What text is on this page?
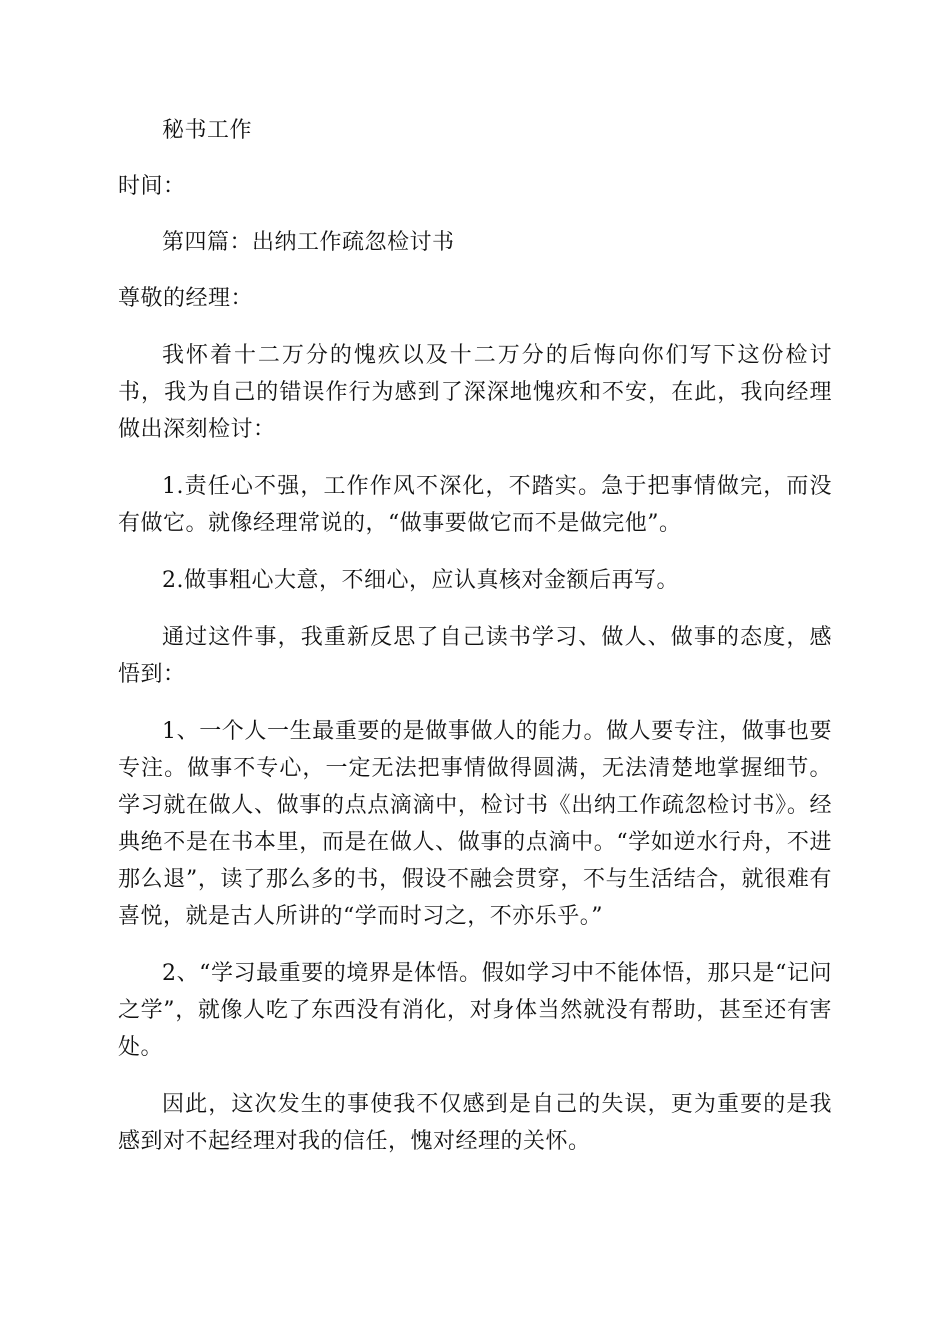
秘书工作

时间：

第四篇：出纳工作疏忽检讨书

尊敬的经理：

我怀着十二万分的愧疚以及十二万分的后悔向你们写下这份检讨书，我为自己的错误作行为感到了深深地愧疚和不安，在此，我向经理做出深刻检讨：

1.责任心不强，工作作风不深化，不踏实。急于把事情做完，而没有做它。就像经理常说的，“做事要做它而不是做完他”。

2.做事粗心大意，不细心，应认真核对金额后再写。

通过这件事，我重新反思了自己读书学习、做人、做事的态度，感悟到：

1、一个人一生最重要的是做事做人的能力。做人要专注，做事也要专注。做事不专心，一定无法把事情做得圆满，无法清楚地掌握细节。学习就在做人、做事的点点滴滴中，检讨书《出纳工作疏忽检讨书》。经典绝不是在书本里，而是在做人、做事的点滴中。“学如逆水行舟，不进那么退”，读了那么多的书，假设不融会贯穿，不与生活结合，就很难有喜悦，就是古人所讲的“学而时习之，不亦乐乎。”

2、“学习最重要的境界是体悟。假如学习中不能体悟，那只是“记问之学”，就像人吃了东西没有消化，对身体当然就没有帮助，甚至还有害处。

因此，这次发生的事使我不仅感到是自己的失误，更为重要的是我感到对不起经理对我的信任，愧对经理的关怀。
